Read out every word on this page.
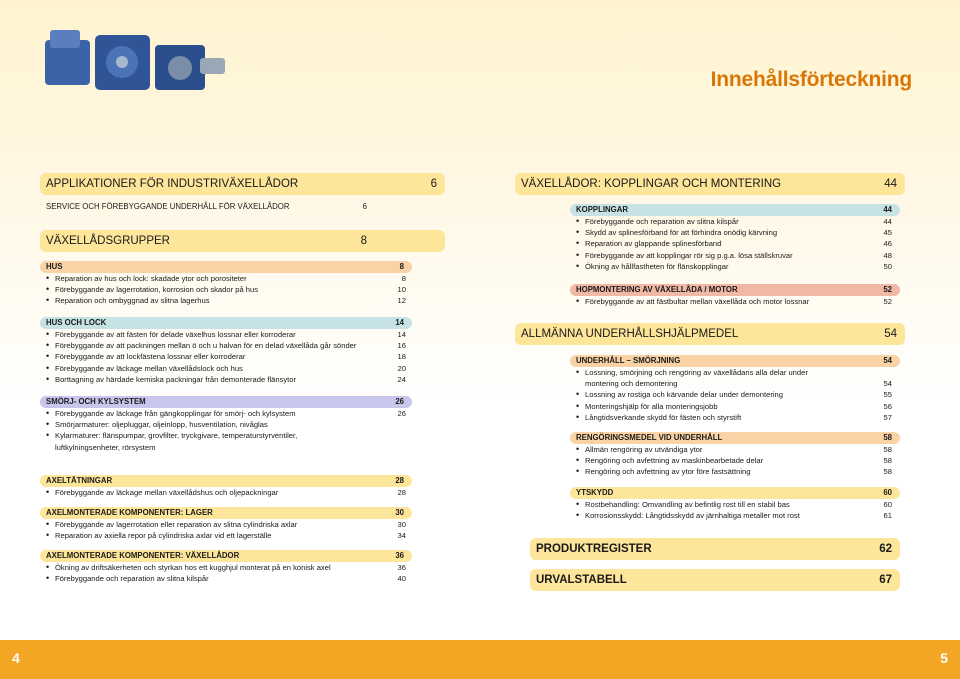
Innehållsförteckning
APPLIKATIONER FÖR INDUSTRIVÄXELLÅDOR	6
SERVICE OCH FÖREBYGGANDE UNDERHÅLL FÖR VÄXELLÅDOR	6
VÄXELLÅDSGRUPPER	8
HUS	8
• Reparation av hus och lock: skadade ytor och porositeter	8
• Förebyggande av lagerrotation, korrosion och skador på hus	10
• Reparation och ombyggnad av slitna lagerhus	12
HUS OCH LOCK	14
• Förebyggande av att fästen för delade växelhus lossnar eller korroderar	14
• Förebyggande av att packningen mellan ö och u halvan för en delad växellåda går sönder	16
• Förebyggande av att lockfästena lossnar eller korroderar	18
• Förebyggande av läckage mellan växellådslock och hus	20
• Borttagning av härdade kemiska packningar från demonterade flänsytor	24
SMÖRJ- OCH KYLSYSTEM	26
• Förebyggande av läckage från gängkopplingar för smörj- och kylsystem	26
• Smörjarmaturer: oljepluggar, oljeinlopp, husventilation, nivåglas
• Kylarmaturer: flänspumpar, grovfilter, tryckgivare, temperaturstyrventiler,
luftkylningsenheter, rörsystem
AXELTÄTNINGAR	28
• Förebyggande av läckage mellan växellådshus och oljepackningar	28
AXELMONTERADE KOMPONENTER: LAGER	30
• Förebyggande av lagerrotation eller reparation av slitna cylindriska axlar	30
• Reparation av axiella repor på cylindriska axlar vid ett lagerställe	34
AXELMONTERADE KOMPONENTER: VÄXELLÅDOR	36
• Ökning av driftsäkerheten och styrkan hos ett kugghjul monterat på en konisk axel	36
• Förebyggande och reparation av slitna kilspår	40
VÄXELLÅDOR: KOPPLINGAR OCH MONTERING	44
KOPPLINGAR	44
• Förebyggande och reparation av slitna kilspår	44
• Skydd av splinesförband för att förhindra onödig kärvning	45
• Reparation av glappande splinesförband	46
• Förebyggande av att kopplingar rör sig p.g.a. lösa ställskruvar	48
• Ökning av hållfastheten för flänskopplingar	50
HOPMONTERING AV VÄXELLÅDA / MOTOR	52
• Förebyggande av att fästbultar mellan växellåda och motor lossnar	52
ALLMÄNNA UNDERHÅLLSHJÄLPMEDEL	54
UNDERHÅLL – SMÖRJNING	54
• Lossning, smörjning och rengöring av växellådans alla delar under
montering och demontering	54
• Lossning av rostiga och kärvande delar under demontering	55
• Monteringshjälp för alla monteringsjobb	56
• Långtidsverkande skydd för fästen och styrstift	57
RENGÖRINGSMEDEL VID UNDERHÅLL	58
• Allmän rengöring av utvändiga ytor	58
• Rengöring och avfettning av maskinbearbetade delar	58
• Rengöring och avfettning av ytor före fastsättning	58
YTSKYDD	60
• Rostbehandling: Omvandling av befintlig rost till en stabil bas	60
• Korrosionsskydd: Långtidsskydd av järnhaltiga metaller mot rost	61
PRODUKTREGISTER	62
URVALSTABELL	67
4	5
